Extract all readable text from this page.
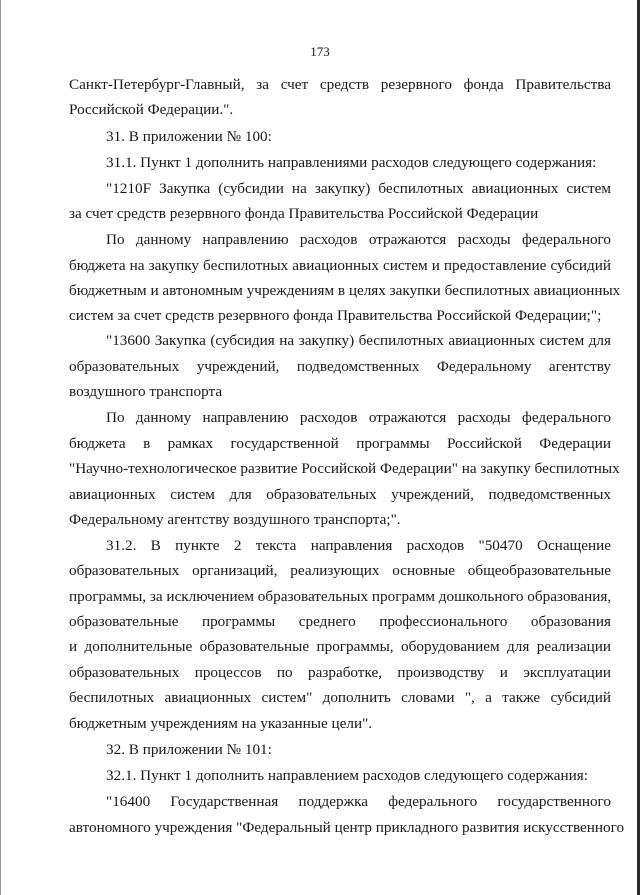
173
Санкт-Петербург-Главный, за счет средств резервного фонда Правительства
Российской Федерации.".
31. В приложении № 100:
31.1. Пункт 1 дополнить направлениями расходов следующего содержания:
"1210F Закупка (субсидии на закупку) беспилотных авиационных систем
за счет средств резервного фонда Правительства Российской Федерации
По данному направлению расходов отражаются расходы федерального
бюджета на закупку беспилотных авиационных систем и предоставление субсидий
бюджетным и автономным учреждениям в целях закупки беспилотных авиационных
систем за счет средств резервного фонда Правительства Российской Федерации;";
"13600 Закупка (субсидия на закупку) беспилотных авиационных систем для
образовательных учреждений, подведомственных Федеральному агентству
воздушного транспорта
По данному направлению расходов отражаются расходы федерального
бюджета в рамках государственной программы Российской Федерации
"Научно-технологическое развитие Российской Федерации" на закупку беспилотных
авиационных систем для образовательных учреждений, подведомственных
Федеральному агентству воздушного транспорта;".
31.2. В пункте 2 текста направления расходов "50470 Оснащение
образовательных организаций, реализующих основные общеобразовательные
программы, за исключением образовательных программ дошкольного образования,
образовательные программы среднего профессионального образования
и дополнительные образовательные программы, оборудованием для реализации
образовательных процессов по разработке, производству и эксплуатации
беспилотных авиационных систем" дополнить словами ", а также субсидий
бюджетным учреждениям на указанные цели".
32. В приложении № 101:
32.1. Пункт 1 дополнить направлением расходов следующего содержания:
"16400 Государственная поддержка федерального государственного
автономного учреждения "Федеральный центр прикладного развития искусственного
